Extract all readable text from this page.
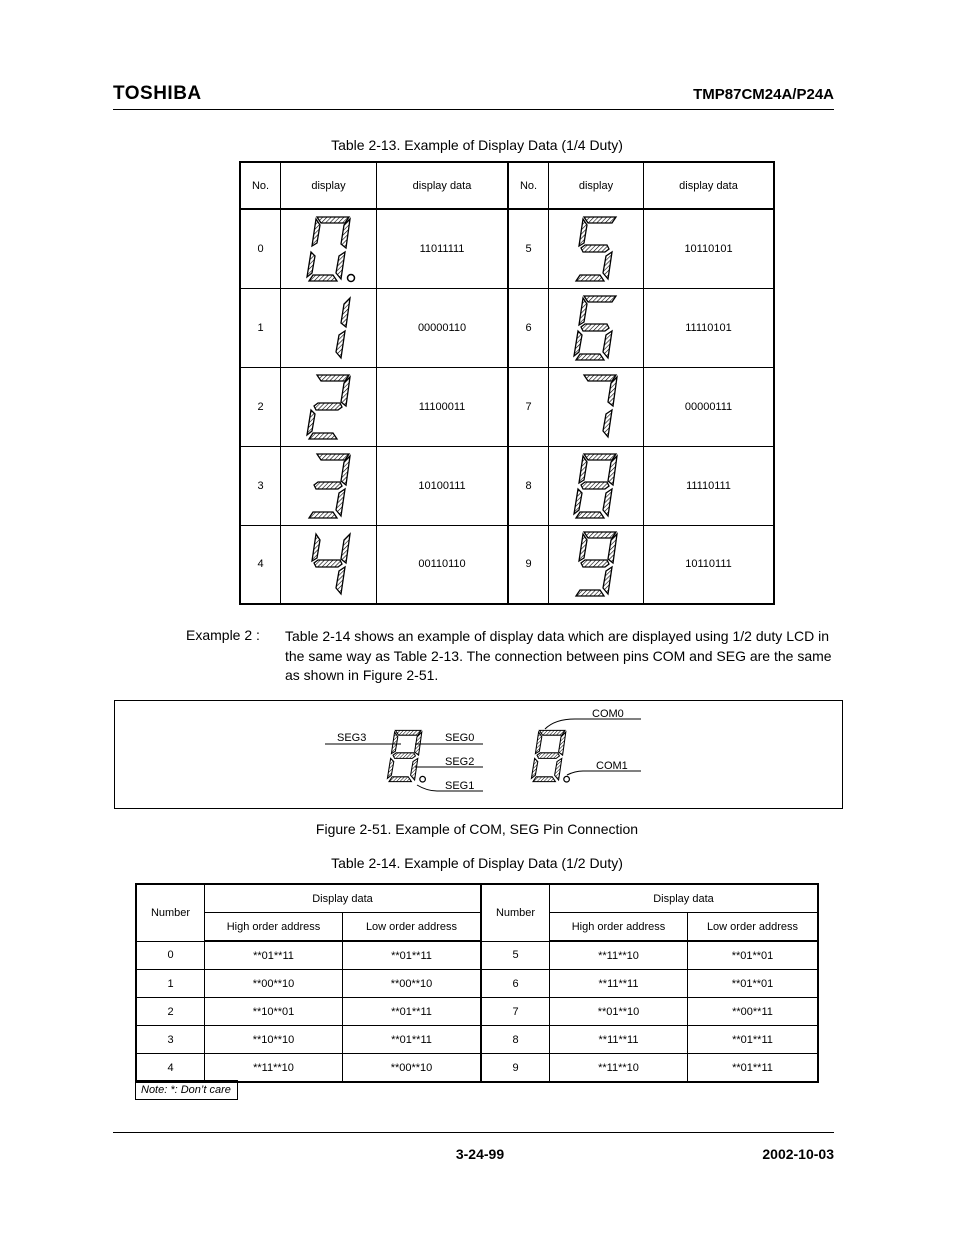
TOSHIBA	TMP87CM24A/P24A
Table 2-13. Example of Display Data (1/4 Duty)
No.	display	display data	No.	display	display data
0		11011111	5		10110101
1		00000110	6		11110101
2		11100011	7		00000111
3		10100111	8		11110111
4		00110110	9		10110111
Example 2 : Table 2-14 shows an example of display data which are displayed using 1/2 duty LCD in the same way as Table 2-13. The connection between pins COM and SEG are the same as shown in Figure 2-51.
SEG3	SEG0
SEG2
SEG1
COM0
COM1
Figure 2-51. Example of COM, SEG Pin Connection
Table 2-14. Example of Display Data (1/2 Duty)
Number	Display data		Number	Display data	
	High order address	Low order address		High order address	Low order address
0	**01**11	**01**11	5	**11**10	**01**01
1	**00**10	**00**10	6	**11**11	**01**01
2	**10**01	**01**11	7	**01**10	**00**11
3	**10**10	**01**11	8	**11**11	**01**11
4	**11**10	**00**10	9	**11**10	**01**11
Note: *: Don’t care
3-24-99	2002-10-03
